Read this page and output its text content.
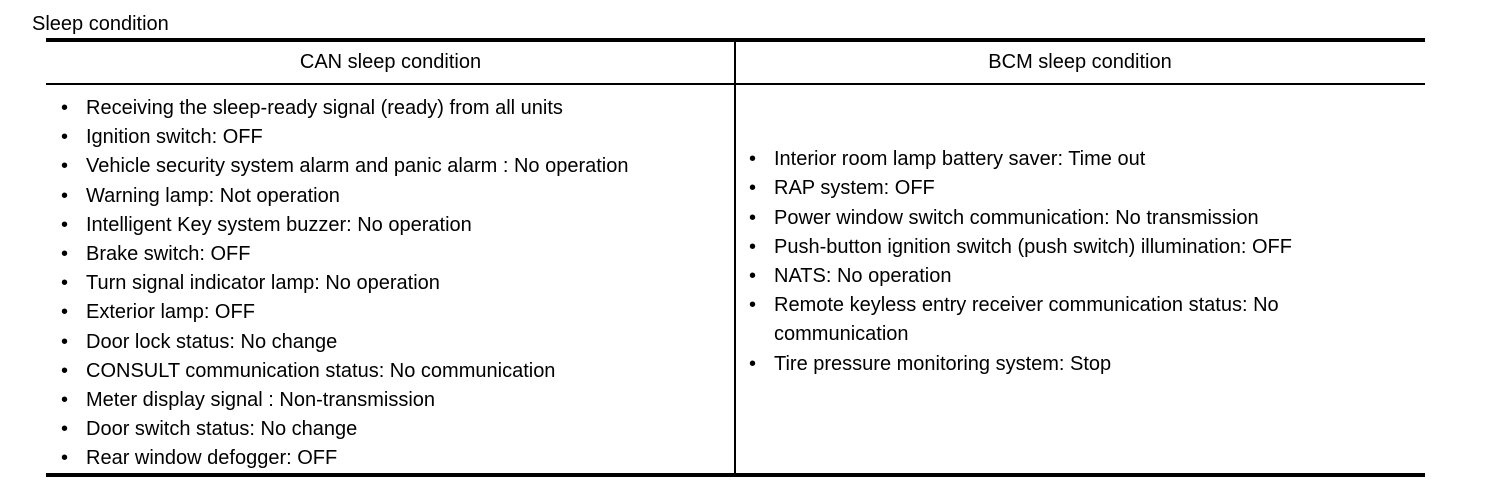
Sleep condition
CAN sleep condition	BCM sleep condition
• Receiving the sleep-ready signal (ready) from all units
• Ignition switch: OFF
• Vehicle security system alarm and panic alarm : No operation
• Warning lamp: Not operation
• Intelligent Key system buzzer: No operation
• Brake switch: OFF
• Turn signal indicator lamp: No operation
• Exterior lamp: OFF
• Door lock status: No change
• CONSULT communication status: No communication
• Meter display signal : Non-transmission
• Door switch status: No change
• Rear window defogger: OFF
• Interior room lamp battery saver: Time out
• RAP system: OFF
• Power window switch communication: No transmission
• Push-button ignition switch (push switch) illumination: OFF
• NATS: No operation
• Remote keyless entry receiver communication status: No communication
• Tire pressure monitoring system: Stop
